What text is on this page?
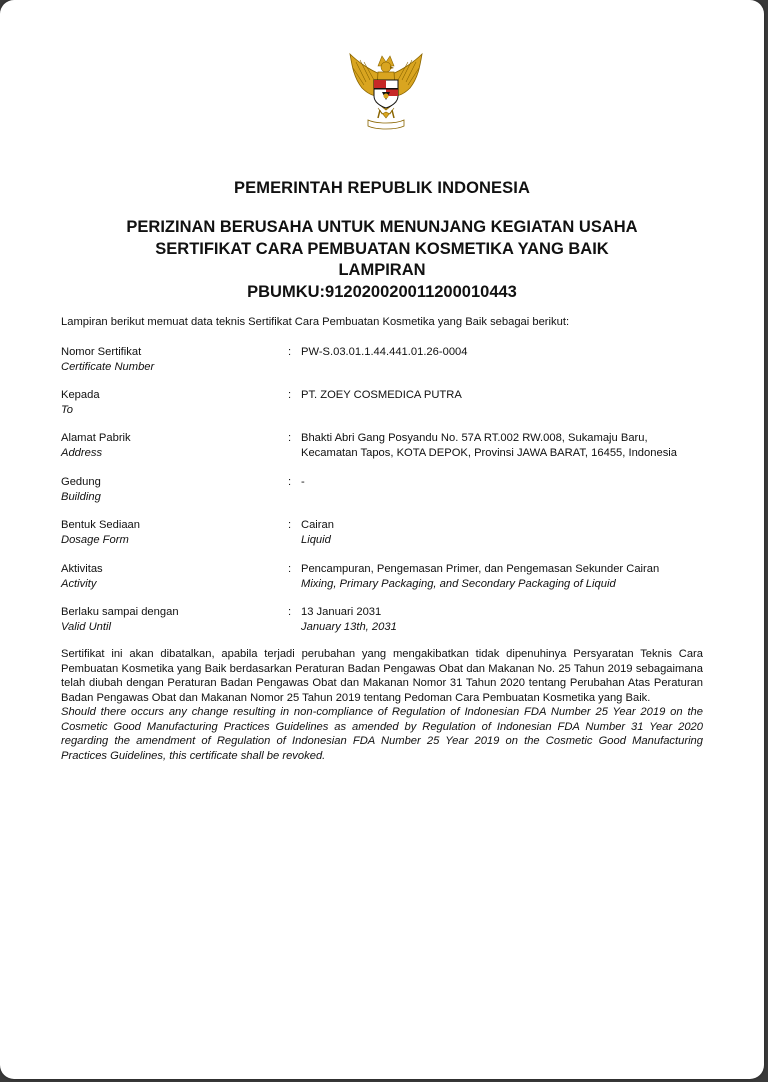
PEMERINTAH REPUBLIK INDONESIA
PERIZINAN BERUSAHA UNTUK MENUNJANG KEGIATAN USAHA
SERTIFIKAT CARA PEMBUATAN KOSMETIKA YANG BAIK
LAMPIRAN
PBUMKU:912020020011200010443
Lampiran berikut memuat data teknis Sertifikat Cara Pembuatan Kosmetika yang Baik sebagai berikut:
Nomor Sertifikat
Certificate Number
: PW-S.03.01.1.44.441.01.26-0004
Kepada
To
: PT. ZOEY COSMEDICA PUTRA
Alamat Pabrik
Address
: Bhakti Abri Gang Posyandu No. 57A RT.002 RW.008, Sukamaju Baru,
Kecamatan Tapos, KOTA DEPOK, Provinsi JAWA BARAT, 16455, Indonesia
Gedung
Building
: -
Bentuk Sediaan
Dosage Form
: Cairan
Liquid
Aktivitas
Activity
: Pencampuran, Pengemasan Primer, dan Pengemasan Sekunder Cairan
Mixing, Primary Packaging, and Secondary Packaging of Liquid
Berlaku sampai dengan
Valid Until
: 13 Januari 2031
January 13th, 2031
Sertifikat ini akan dibatalkan, apabila terjadi perubahan yang mengakibatkan tidak dipenuhinya Persyaratan Teknis Cara Pembuatan Kosmetika yang Baik berdasarkan Peraturan Badan Pengawas Obat dan Makanan No. 25 Tahun 2019 sebagaimana telah diubah dengan Peraturan Badan Pengawas Obat dan Makanan Nomor 31 Tahun 2020 tentang Perubahan Atas Peraturan Badan Pengawas Obat dan Makanan Nomor 25 Tahun 2019 tentang Pedoman Cara Pembuatan Kosmetika yang Baik.
Should there occurs any change resulting in non-compliance of Regulation of Indonesian FDA Number 25 Year 2019 on the Cosmetic Good Manufacturing Practices Guidelines as amended by Regulation of Indonesian FDA Number 31 Year 2020 regarding the amendment of Regulation of Indonesian FDA Number 25 Year 2019 on the Cosmetic Good Manufacturing Practices Guidelines, this certificate shall be revoked.
